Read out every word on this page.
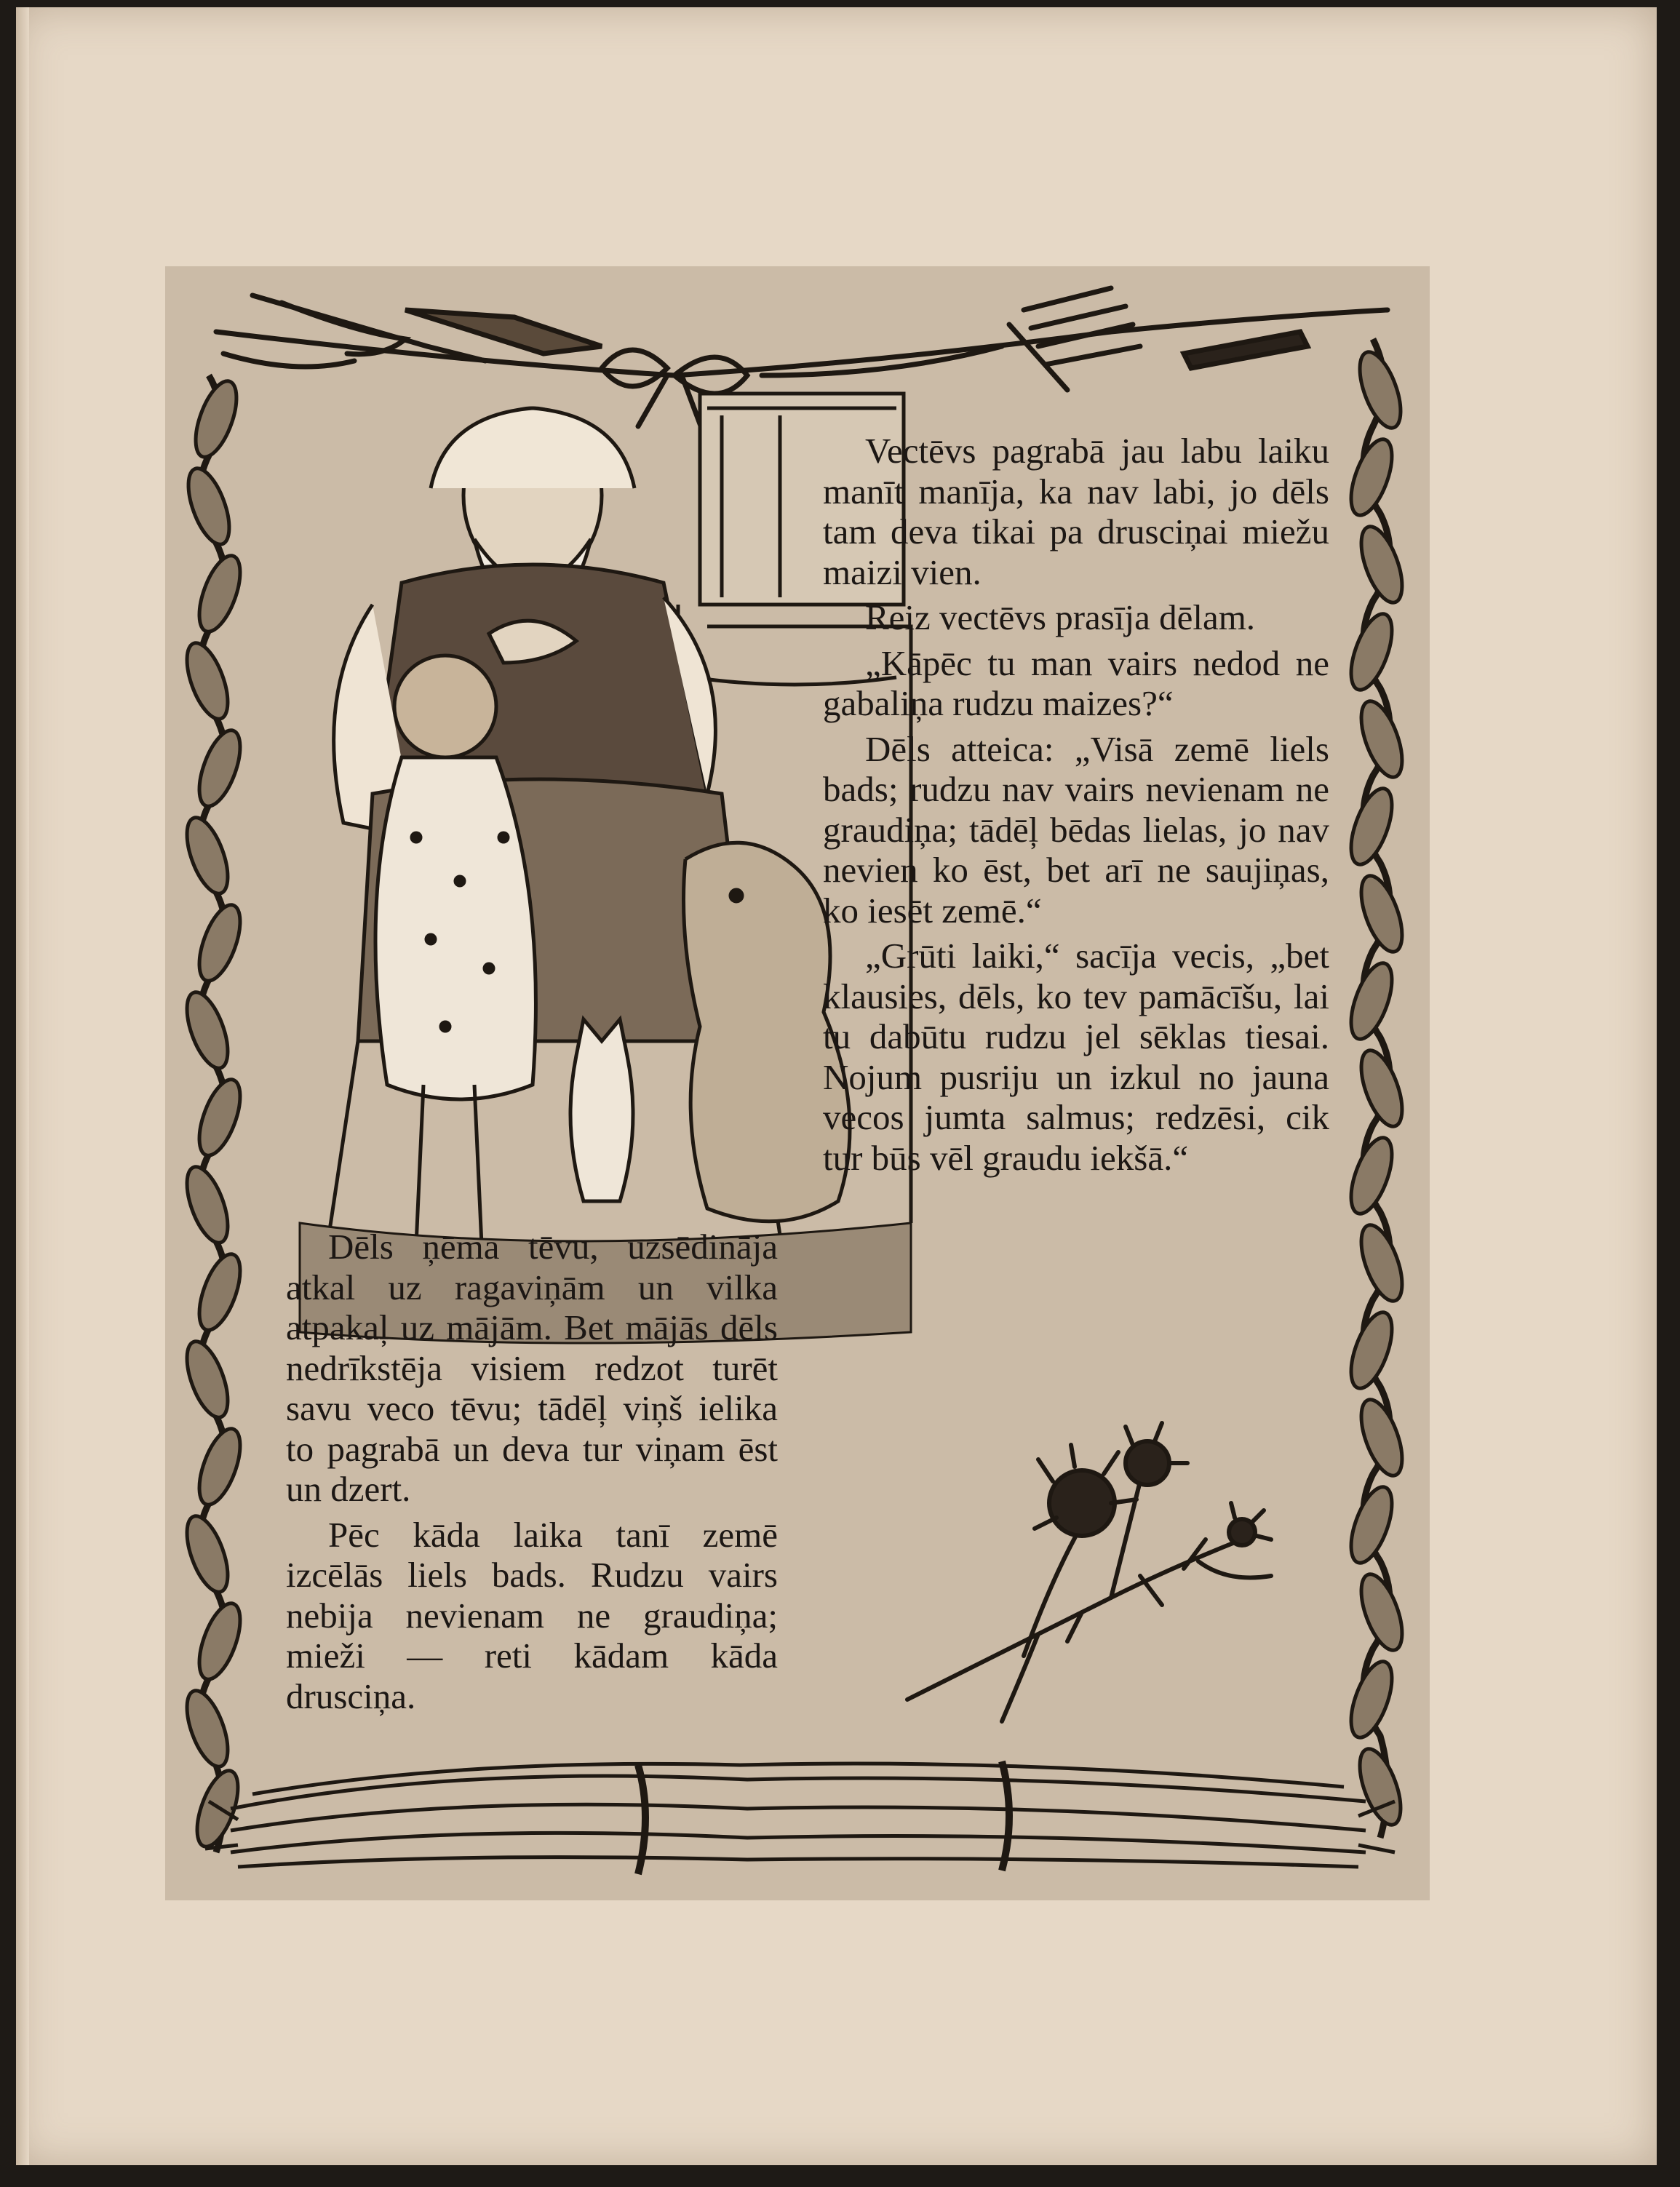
Vectēvs pagrabā jau labu laiku manīt manīja, ka nav labi, jo dēls tam deva tikai pa drusciņai miežu maizi vien.

Reiz vectēvs prasīja dēlam.

„Kāpēc tu man vairs nedod ne gabaliņa rudzu maizes?“

Dēls atteica: „Visā zemē liels bads; rudzu nav vairs nevienam ne graudiņa; tādēļ bēdas lielas, jo nav nevien ko ēst, bet arī ne saujiņas, ko iesēt zemē.“

„Grūti laiki,“ sacīja vecis, „bet klausies, dēls, ko tev pamācīšu, lai tu dabūtu rudzu jel sēklas tiesai. Nojum pusriju un izkul no jauna vecos jumta salmus; redzēsi, cik tur būs vēl graudu iekšā.“

Dēls ņēma tēvu, uzsēdināja atkal uz ragaviņām un vilka atpakaļ uz mājām. Bet mājās dēls nedrīkstēja visiem redzot turēt savu veco tēvu; tādēļ viņš ielika to pagrabā un deva tur viņam ēst un dzert.

Pēc kāda laika tanī zemē izcēlās liels bads. Rudzu vairs nebija nevienam ne graudiņa; mieži — reti kādam kāda drusciņa.
